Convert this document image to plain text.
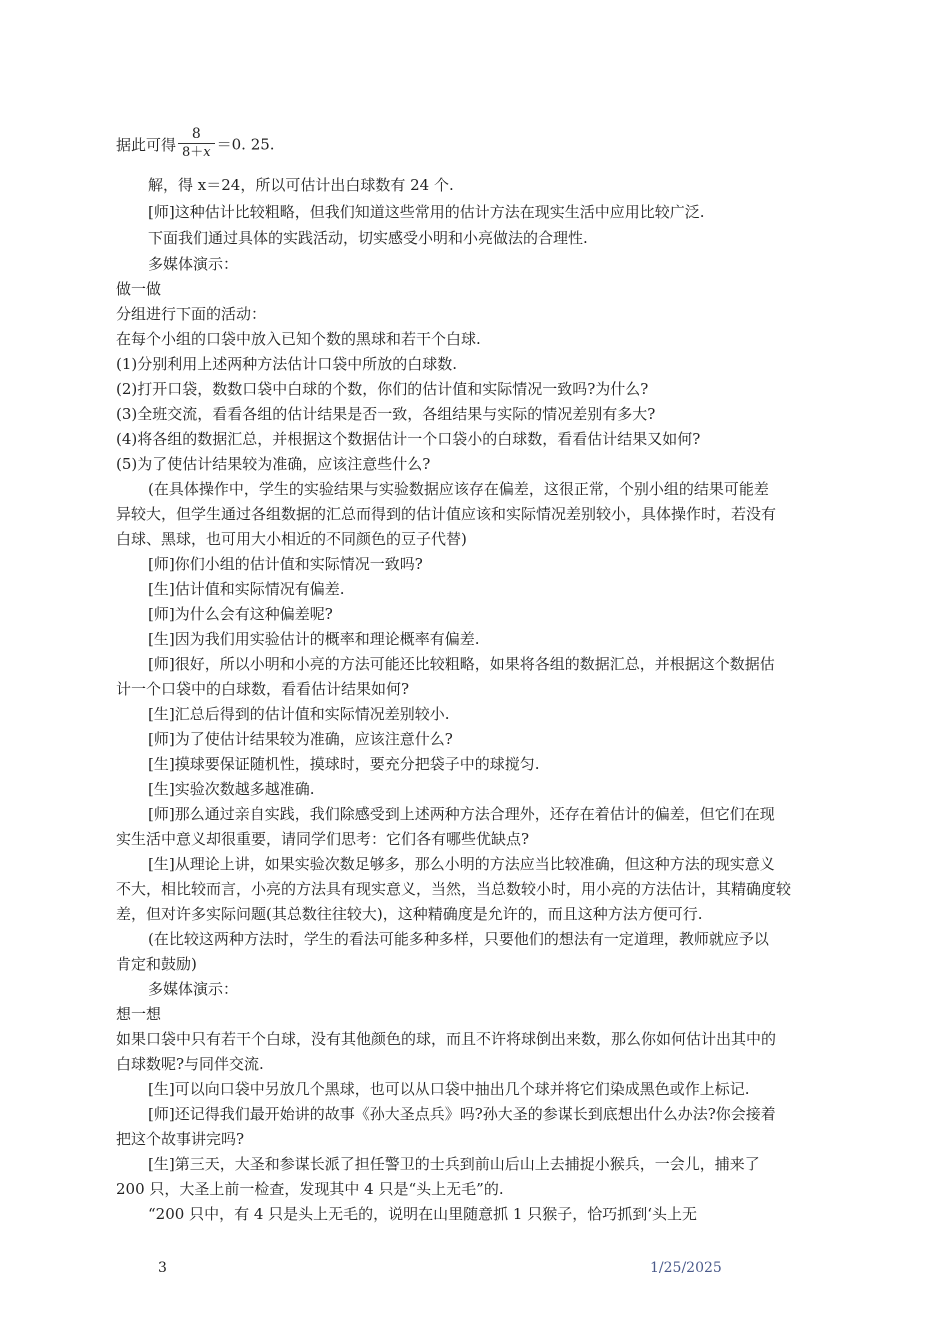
据此可得 $\frac{8}{8+x} =0$. 25.
解，得 x＝24，所以可估计出白球数有 24 个.
[师]这种估计比较粗略，但我们知道这些常用的估计方法在现实生活中应用比较广泛.
下面我们通过具体的实践活动，切实感受小明和小亮做法的合理性.
多媒体演示：
做一做
分组进行下面的活动：
在每个小组的口袋中放入已知个数的黑球和若干个白球.
(1)分别利用上述两种方法估计口袋中所放的白球数.
(2)打开口袋，数数口袋中白球的个数，你们的估计值和实际情况一致吗?为什么?
(3)全班交流，看看各组的估计结果是否一致，各组结果与实际的情况差别有多大?
(4)将各组的数据汇总，并根据这个数据估计一个口袋小的白球数，看看估计结果又如何?
(5)为了使估计结果较为准确，应该注意些什么?
(在具体操作中，学生的实验结果与实验数据应该存在偏差，这很正常，个别小组的结果可能差
异较大，但学生通过各组数据的汇总而得到的估计值应该和实际情况差别较小，具体操作时，若没有
白球、黑球，也可用大小相近的不同颜色的豆子代替)
[师]你们小组的估计值和实际情况一致吗?
[生]估计值和实际情况有偏差.
[师]为什么会有这种偏差呢?
[生]因为我们用实验估计的概率和理论概率有偏差.
[师]很好，所以小明和小亮的方法可能还比较粗略，如果将各组的数据汇总，并根据这个数据估
计一个口袋中的白球数，看看估计结果如何?
[生]汇总后得到的估计值和实际情况差别较小.
[师]为了使估计结果较为准确，应该注意什么?
[生]摸球要保证随机性，摸球时，要充分把袋子中的球搅匀.
[生]实验次数越多越准确.
[师]那么通过亲自实践，我们除感受到上述两种方法合理外，还存在着估计的偏差，但它们在现
实生活中意义却很重要，请同学们思考：它们各有哪些优缺点?
[生]从理论上讲，如果实验次数足够多，那么小明的方法应当比较准确，但这种方法的现实意义
不大，相比较而言，小亮的方法具有现实意义，当然，当总数较小时，用小亮的方法估计，其精确度较
差，但对许多实际问题(其总数往往较大)，这种精确度是允许的，而且这种方法方便可行.
(在比较这两种方法时，学生的看法可能多种多样，只要他们的想法有一定道理，教师就应予以
肯定和鼓励)
多媒体演示：
想一想
如果口袋中只有若干个白球，没有其他颜色的球，而且不许将球倒出来数，那么你如何估计出其中的
白球数呢?与同伴交流.
[生]可以向口袋中另放几个黑球，也可以从口袋中抽出几个球并将它们染成黑色或作上标记.
[师]还记得我们最开始讲的故事《孙大圣点兵》吗?孙大圣的参谋长到底想出什么办法?你会接着
把这个故事讲完吗?
[生]第三天，大圣和参谋长派了担任警卫的士兵到前山后山上去捕捉小猴兵，一会儿，捕来了
200 只，大圣上前一检查，发现其中 4 只是“头上无毛”的.
“200 只中，有 4 只是头上无毛的，说明在山里随意抓 1 只猴子，恰巧抓到‘头上无
3	1/25/2025
